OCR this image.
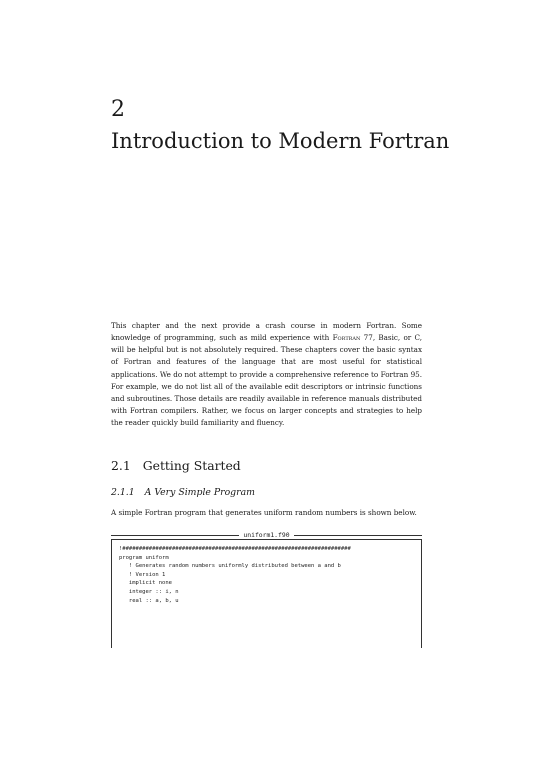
2
Introduction to Modern Fortran

This chapter and the next provide a crash course in modern Fortran. Some knowledge of programming, such as mild experience with Fortran 77, Basic, or C, will be helpful but is not absolutely required. These chapters cover the basic syntax of Fortran and features of the language that are most useful for statistical applications. We do not attempt to provide a comprehensive reference to Fortran 95. For example, we do not list all of the available edit descriptors or intrinsic functions and subroutines. Those details are readily available in reference manuals distributed with Fortran compilers. Rather, we focus on larger concepts and strategies to help the reader quickly build familiarity and fluency.

2.1 Getting Started
2.1.1 A Very Simple Program

A simple Fortran program that generates uniform random numbers is shown below.

uniform1.f90
!#####################################################################
program uniform
! Generates random numbers uniformly distributed between a and b
! Version 1
implicit none
integer :: i, n
real :: a, b, u
